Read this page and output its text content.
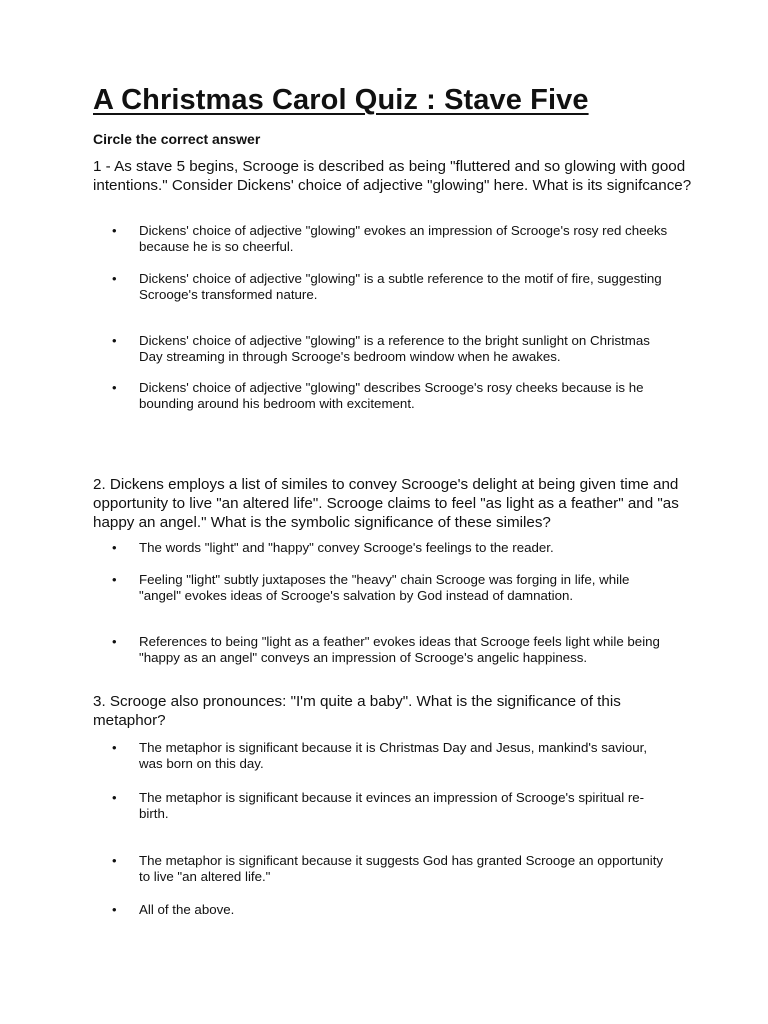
A Christmas Carol Quiz : Stave Five

Circle the correct answer

1 - As stave 5 begins, Scrooge is described as being "fluttered and so glowing with good intentions." Consider Dickens' choice of adjective "glowing" here. What is its signifcance?

•	Dickens' choice of adjective "glowing" evokes an impression of Scrooge's rosy red cheeks because he is so cheerful.
•	Dickens' choice of adjective "glowing" is a subtle reference to the motif of fire, suggesting Scrooge's transformed nature.
•	Dickens' choice of adjective "glowing" is a reference to the bright sunlight on Christmas Day streaming in through Scrooge's bedroom window when he awakes.
•	Dickens' choice of adjective "glowing" describes Scrooge's rosy cheeks because is he bounding around his bedroom with excitement.

2. Dickens employs a list of similes to convey Scrooge's delight at being given time and opportunity to live "an altered life". Scrooge claims to feel "as light as a feather" and "as happy an angel." What is the symbolic significance of these similes?

•	The words "light" and "happy" convey Scrooge's feelings to the reader.
•	Feeling "light" subtly juxtaposes the "heavy" chain Scrooge was forging in life, while "angel" evokes ideas of Scrooge's salvation by God instead of damnation.
•	References to being "light as a feather" evokes ideas that Scrooge feels light while being "happy as an angel" conveys an impression of Scrooge's angelic happiness.

3. Scrooge also pronounces: "I'm quite a baby". What is the significance of this metaphor?

•	The metaphor is significant because it is Christmas Day and Jesus, mankind's saviour, was born on this day.
•	The metaphor is significant because it evinces an impression of Scrooge's spiritual re-birth.
•	The metaphor is significant because it suggests God has granted Scrooge an opportunity to live "an altered life."
•	All of the above.
